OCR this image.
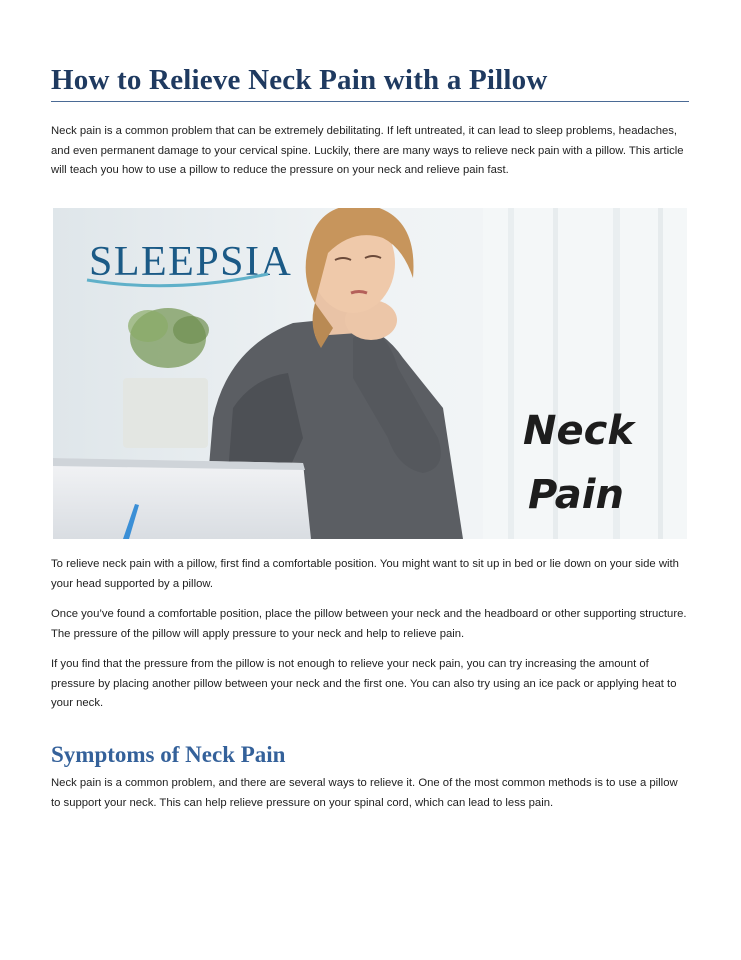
How to Relieve Neck Pain with a Pillow

Neck pain is a common problem that can be extremely debilitating. If left untreated, it can lead to sleep problems, headaches, and even permanent damage to your cervical spine. Luckily, there are many ways to relieve neck pain with a pillow. This article will teach you how to use a pillow to reduce the pressure on your neck and relieve pain fast.

SLEEPSIA
Neck
Pain

To relieve neck pain with a pillow, first find a comfortable position. You might want to sit up in bed or lie down on your side with your head supported by a pillow.

Once you’ve found a comfortable position, place the pillow between your neck and the headboard or other supporting structure. The pressure of the pillow will apply pressure to your neck and help to relieve pain.

If you find that the pressure from the pillow is not enough to relieve your neck pain, you can try increasing the amount of pressure by placing another pillow between your neck and the first one. You can also try using an ice pack or applying heat to your neck.

Symptoms of Neck Pain

Neck pain is a common problem, and there are several ways to relieve it. One of the most common methods is to use a pillow to support your neck. This can help relieve pressure on your spinal cord, which can lead to less pain.
